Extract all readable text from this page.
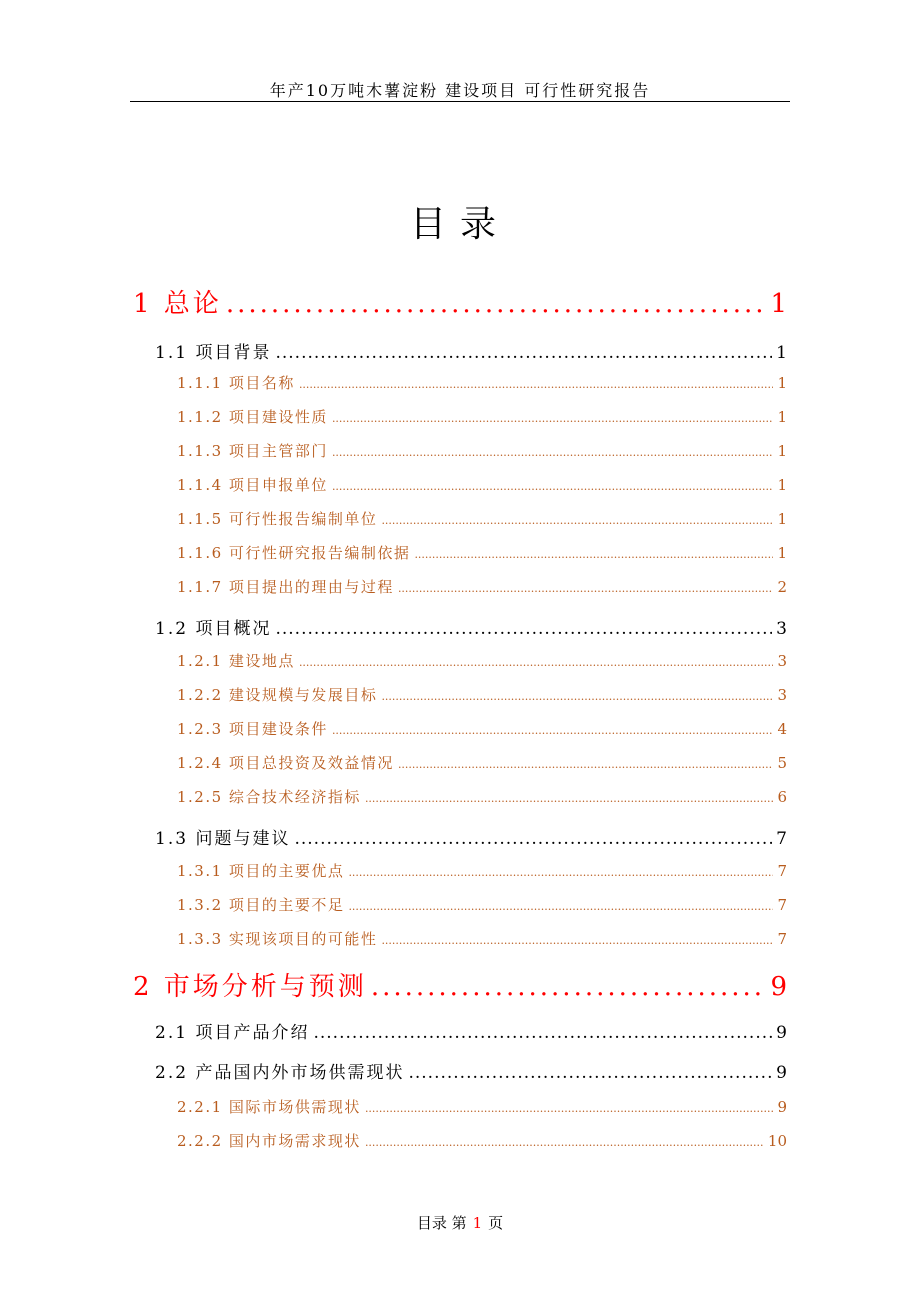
年产10万吨木薯淀粉 建设项目 可行性研究报告
目录
1 总论 .....	1
1.1 项目背景 .....	1
1.1.1 项目名称 .....	1
1.1.2 项目建设性质 .....	1
1.1.3 项目主管部门 .....	1
1.1.4 项目申报单位 .....	1
1.1.5 可行性报告编制单位 .....	1
1.1.6 可行性研究报告编制依据 .....	1
1.1.7 项目提出的理由与过程 .....	2
1.2 项目概况 .....	3
1.2.1 建设地点 .....	3
1.2.2 建设规模与发展目标 .....	3
1.2.3 项目建设条件 .....	4
1.2.4 项目总投资及效益情况 .....	5
1.2.5 综合技术经济指标 .....	6
1.3 问题与建议 .....	7
1.3.1 项目的主要优点 .....	7
1.3.2 项目的主要不足 .....	7
1.3.3 实现该项目的可能性 .....	7
2 市场分析与预测 .....	9
2.1 项目产品介绍 .....	9
2.2 产品国内外市场供需现状 .....	9
2.2.1 国际市场供需现状 .....	9
2.2.2 国内市场需求现状 .....	10
目录 第 1 页
